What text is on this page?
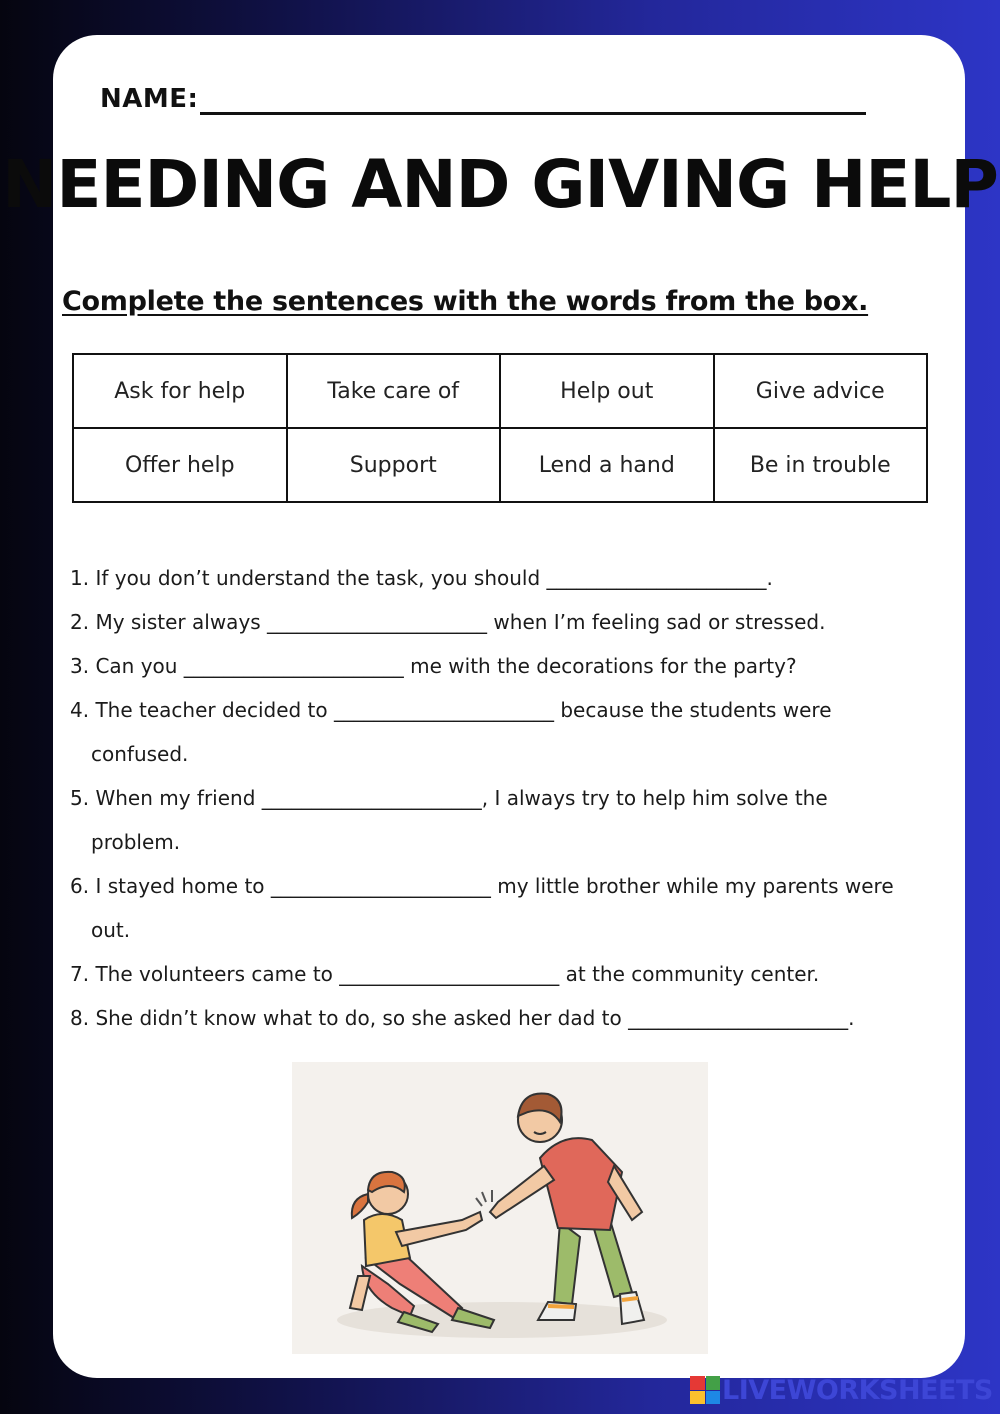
NAME:
NEEDING AND GIVING HELP
Complete the sentences with the words from the box.
Ask for help	Take care of	Help out	Give advice
Offer help	Support	Lend a hand	Be in trouble
1. If you don’t understand the task, you should ______________________.
2. My sister always ______________________ when I’m feeling sad or stressed.
3. Can you ______________________ me with the decorations for the party?
4. The teacher decided to ______________________ because the students were
confused.
5. When my friend ______________________, I always try to help him solve the
problem.
6. I stayed home to ______________________ my little brother while my parents were
out.
7. The volunteers came to ______________________ at the community center.
8. She didn’t know what to do, so she asked her dad to ______________________.
LIVEWORKSHEETS
